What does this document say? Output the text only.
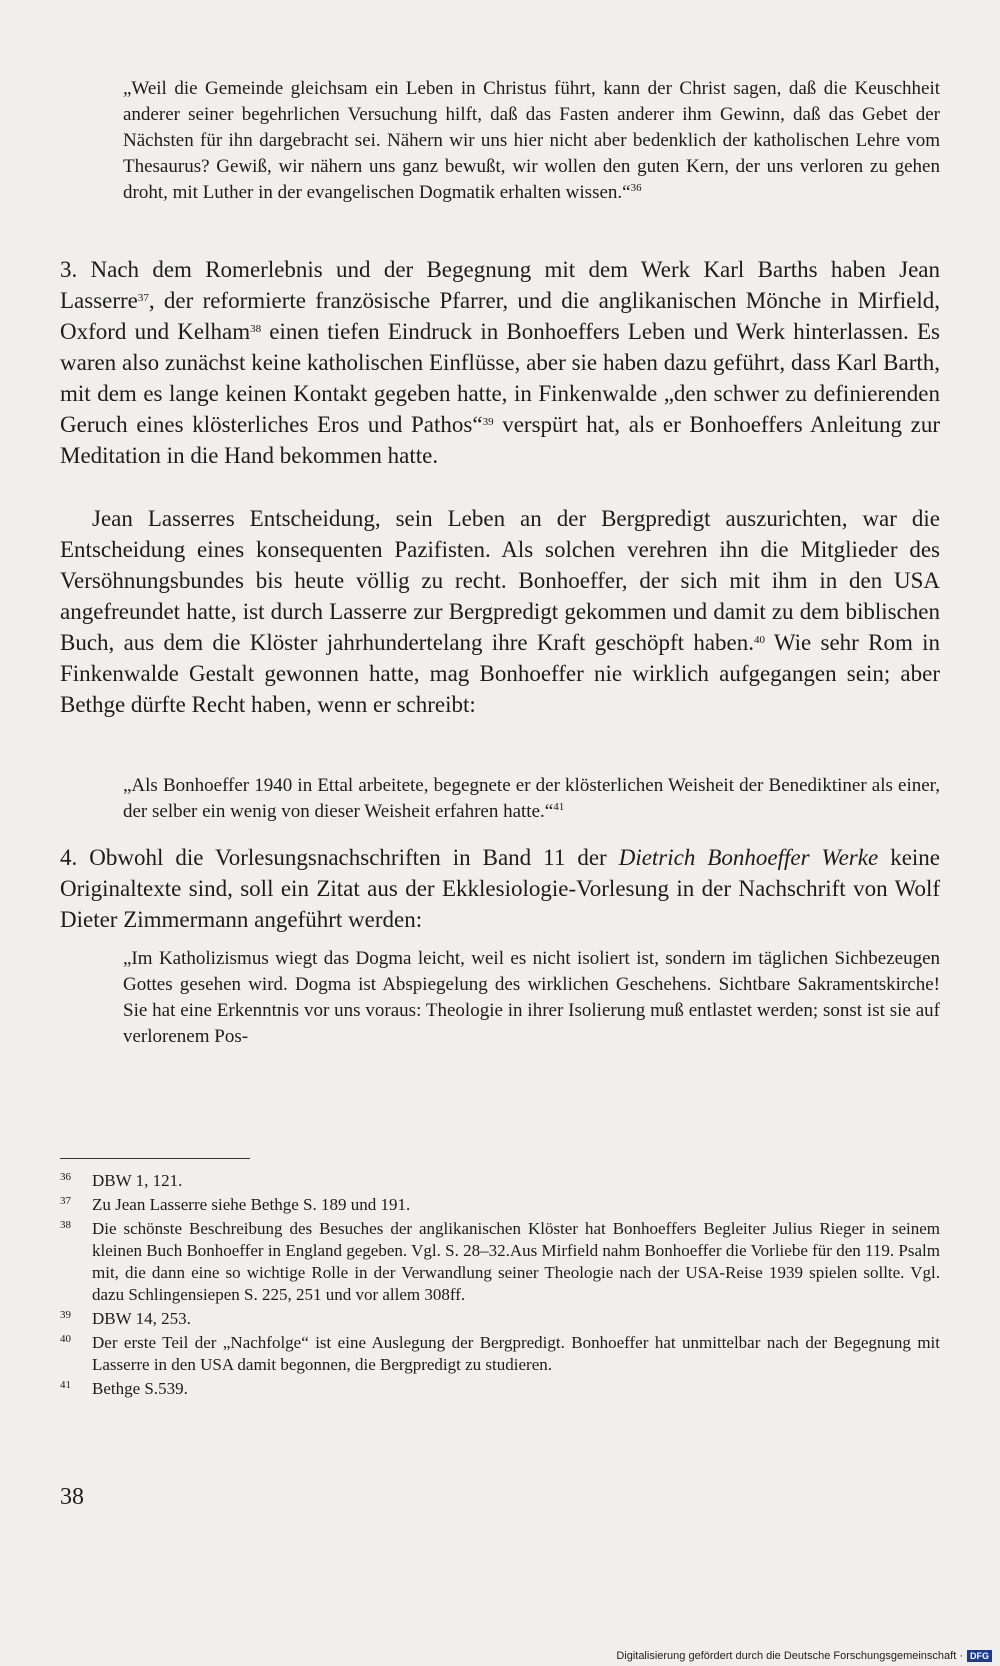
„Weil die Gemeinde gleichsam ein Leben in Christus führt, kann der Christ sagen, daß die Keuschheit anderer seiner begehrlichen Versuchung hilft, daß das Fasten anderer ihm Gewinn, daß das Gebet der Nächsten für ihn dargebracht sei. Nähern wir uns hier nicht aber bedenklich der katholischen Lehre vom Thesaurus? Gewiß, wir nähern uns ganz bewußt, wir wollen den guten Kern, der uns verloren zu gehen droht, mit Luther in der evangelischen Dogmatik erhalten wissen.“$^{36}$

3. Nach dem Romerlebnis und der Begegnung mit dem Werk Karl Barths haben Jean Lasserre$^{37}$, der reformierte französische Pfarrer, und die anglikanischen Mönche in Mirfield, Oxford und Kelham$^{38}$ einen tiefen Eindruck in Bonhoeffers Leben und Werk hinterlassen. Es waren also zunächst keine katholischen Einflüsse, aber sie haben dazu geführt, dass Karl Barth, mit dem es lange keinen Kontakt gegeben hatte, in Finkenwalde „den schwer zu definierenden Geruch eines klösterliches Eros und Pathos“$^{39}$ verspürt hat, als er Bonhoeffers Anleitung zur Meditation in die Hand bekommen hatte.

Jean Lasserres Entscheidung, sein Leben an der Bergpredigt auszurichten, war die Entscheidung eines konsequenten Pazifisten. Als solchen verehren ihn die Mitglieder des Versöhnungsbundes bis heute völlig zu recht. Bonhoeffer, der sich mit ihm in den USA angefreundet hatte, ist durch Lasserre zur Bergpredigt gekommen und damit zu dem biblischen Buch, aus dem die Klöster jahrhundertelang ihre Kraft geschöpft haben.$^{40}$ Wie sehr Rom in Finkenwalde Gestalt gewonnen hatte, mag Bonhoeffer nie wirklich aufgegangen sein; aber Bethge dürfte Recht haben, wenn er schreibt:

„Als Bonhoeffer 1940 in Ettal arbeitete, begegnete er der klösterlichen Weisheit der Benediktiner als einer, der selber ein wenig von dieser Weisheit erfahren hatte.“$^{41}$

4. Obwohl die Vorlesungsnachschriften in Band 11 der Dietrich Bonhoeffer Werke keine Originaltexte sind, soll ein Zitat aus der Ekklesiologie-Vorlesung in der Nachschrift von Wolf Dieter Zimmermann angeführt werden:

„Im Katholizismus wiegt das Dogma leicht, weil es nicht isoliert ist, sondern im täglichen Sichbezeugen Gottes gesehen wird. Dogma ist Abspiegelung des wirklichen Geschehens. Sichtbare Sakramentskirche! Sie hat eine Erkenntnis vor uns voraus: Theologie in ihrer Isolierung muß entlastet werden; sonst ist sie auf verlorenem Pos-

36	DBW 1, 121.
37	Zu Jean Lasserre siehe Bethge S. 189 und 191.
38	Die schönste Beschreibung des Besuches der anglikanischen Klöster hat Bonhoeffers Begleiter Julius Rieger in seinem kleinen Buch Bonhoeffer in England gegeben. Vgl. S. 28–32.Aus Mirfield nahm Bonhoeffer die Vorliebe für den 119. Psalm mit, die dann eine so wichtige Rolle in der Verwandlung seiner Theologie nach der USA-Reise 1939 spielen sollte. Vgl. dazu Schlingensiepen S. 225, 251 und vor allem 308ff.
39	DBW 14, 253.
40	Der erste Teil der „Nachfolge“ ist eine Auslegung der Bergpredigt. Bonhoeffer hat unmittelbar nach der Begegnung mit Lasserre in den USA damit begonnen, die Bergpredigt zu studieren.
41	Bethge S.539.
38
Digitalisierung gefördert durch die Deutsche Forschungsgemeinschaft · DFG
